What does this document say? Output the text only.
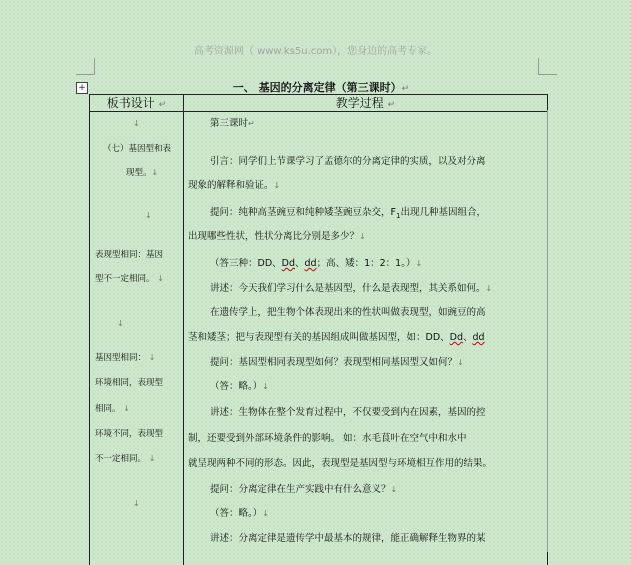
高考资源网（ www.ks5u.com），您身边的高考专家。
+	一、 基因的分离定律（第三课时）↵
板书设计 ↵	教学过程 ↵
↓
（七）基因型和表
现型。↓
↓
表现型相同：基因
型不一定相同。 ↓
↓
基因型相同： ↓
环境相同，表现型
相同。 ↓
环境不同，表现型
不一定相同。 ↓
↓
第三课时↵
引言：同学们上节课学习了孟德尔的分离定律的实质，以及对分离
现象的解释和验证。↓
提问：纯种高茎豌豆和纯种矮茎豌豆杂交，$F_1$出现几种基因组合，
出现哪些性状，性状分离比分别是多少？↓
（答三种：DD、Dd、dd；高、矮：1：2：1。）↓
讲述：今天我们学习什么是基因型，什么是表现型，其关系如何。↓
在遗传学上，把生物个体表现出来的性状叫做表现型，如豌豆的高
茎和矮茎；把与表现型有关的基因组成叫做基因型，如：DD、Dd、dd
提问：基因型相同表现型如何？表现型相同基因型又如何？↓
（答：略。）↓
讲述：生物体在整个发育过程中，不仅要受到内在因素，基因的控
制，还要受到外部环境条件的影响。 如：水毛茛叶在空气中和水中
就呈现两种不同的形态。因此，表现型是基因型与环境相互作用的结果。
提问：分离定律在生产实践中有什么意义？↓
（答：略。）↓
讲述：分离定律是遗传学中最基本的规律，能正确解释生物界的某
